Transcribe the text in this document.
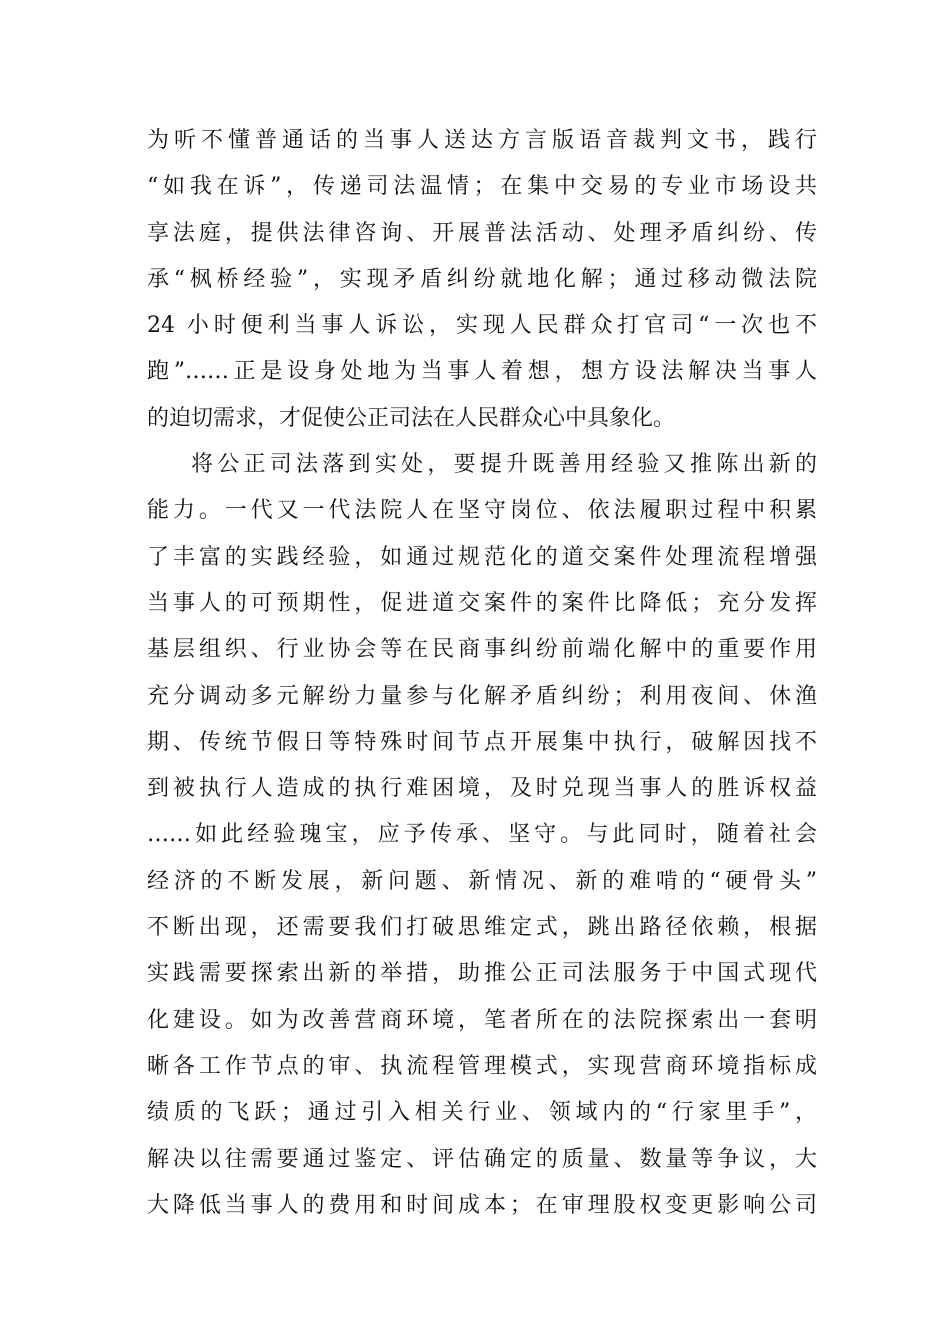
为听不懂普通话的当事人送达方言版语音裁判文书，践行
“如我在诉”，传递司法温情；在集中交易的专业市场设共
享法庭，提供法律咨询、开展普法活动、处理矛盾纠纷、传
承“枫桥经验”，实现矛盾纠纷就地化解；通过移动微法院
24 小时便利当事人诉讼，实现人民群众打官司“一次也不
跑”……正是设身处地为当事人着想，想方设法解决当事人
的迫切需求，才促使公正司法在人民群众心中具象化。
将公正司法落到实处，要提升既善用经验又推陈出新的
能力。一代又一代法院人在坚守岗位、依法履职过程中积累
了丰富的实践经验，如通过规范化的道交案件处理流程增强
当事人的可预期性，促进道交案件的案件比降低；充分发挥
基层组织、行业协会等在民商事纠纷前端化解中的重要作用
充分调动多元解纷力量参与化解矛盾纠纷；利用夜间、休渔
期、传统节假日等特殊时间节点开展集中执行，破解因找不
到被执行人造成的执行难困境，及时兑现当事人的胜诉权益
……如此经验瑰宝，应予传承、坚守。与此同时，随着社会
经济的不断发展，新问题、新情况、新的难啃的“硬骨头”
不断出现，还需要我们打破思维定式，跳出路径依赖，根据
实践需要探索出新的举措，助推公正司法服务于中国式现代
化建设。如为改善营商环境，笔者所在的法院探索出一套明
晰各工作节点的审、执流程管理模式，实现营商环境指标成
绩质的飞跃；通过引入相关行业、领域内的“行家里手”，
解决以往需要通过鉴定、评估确定的质量、数量等争议，大
大降低当事人的费用和时间成本；在审理股权变更影响公司
